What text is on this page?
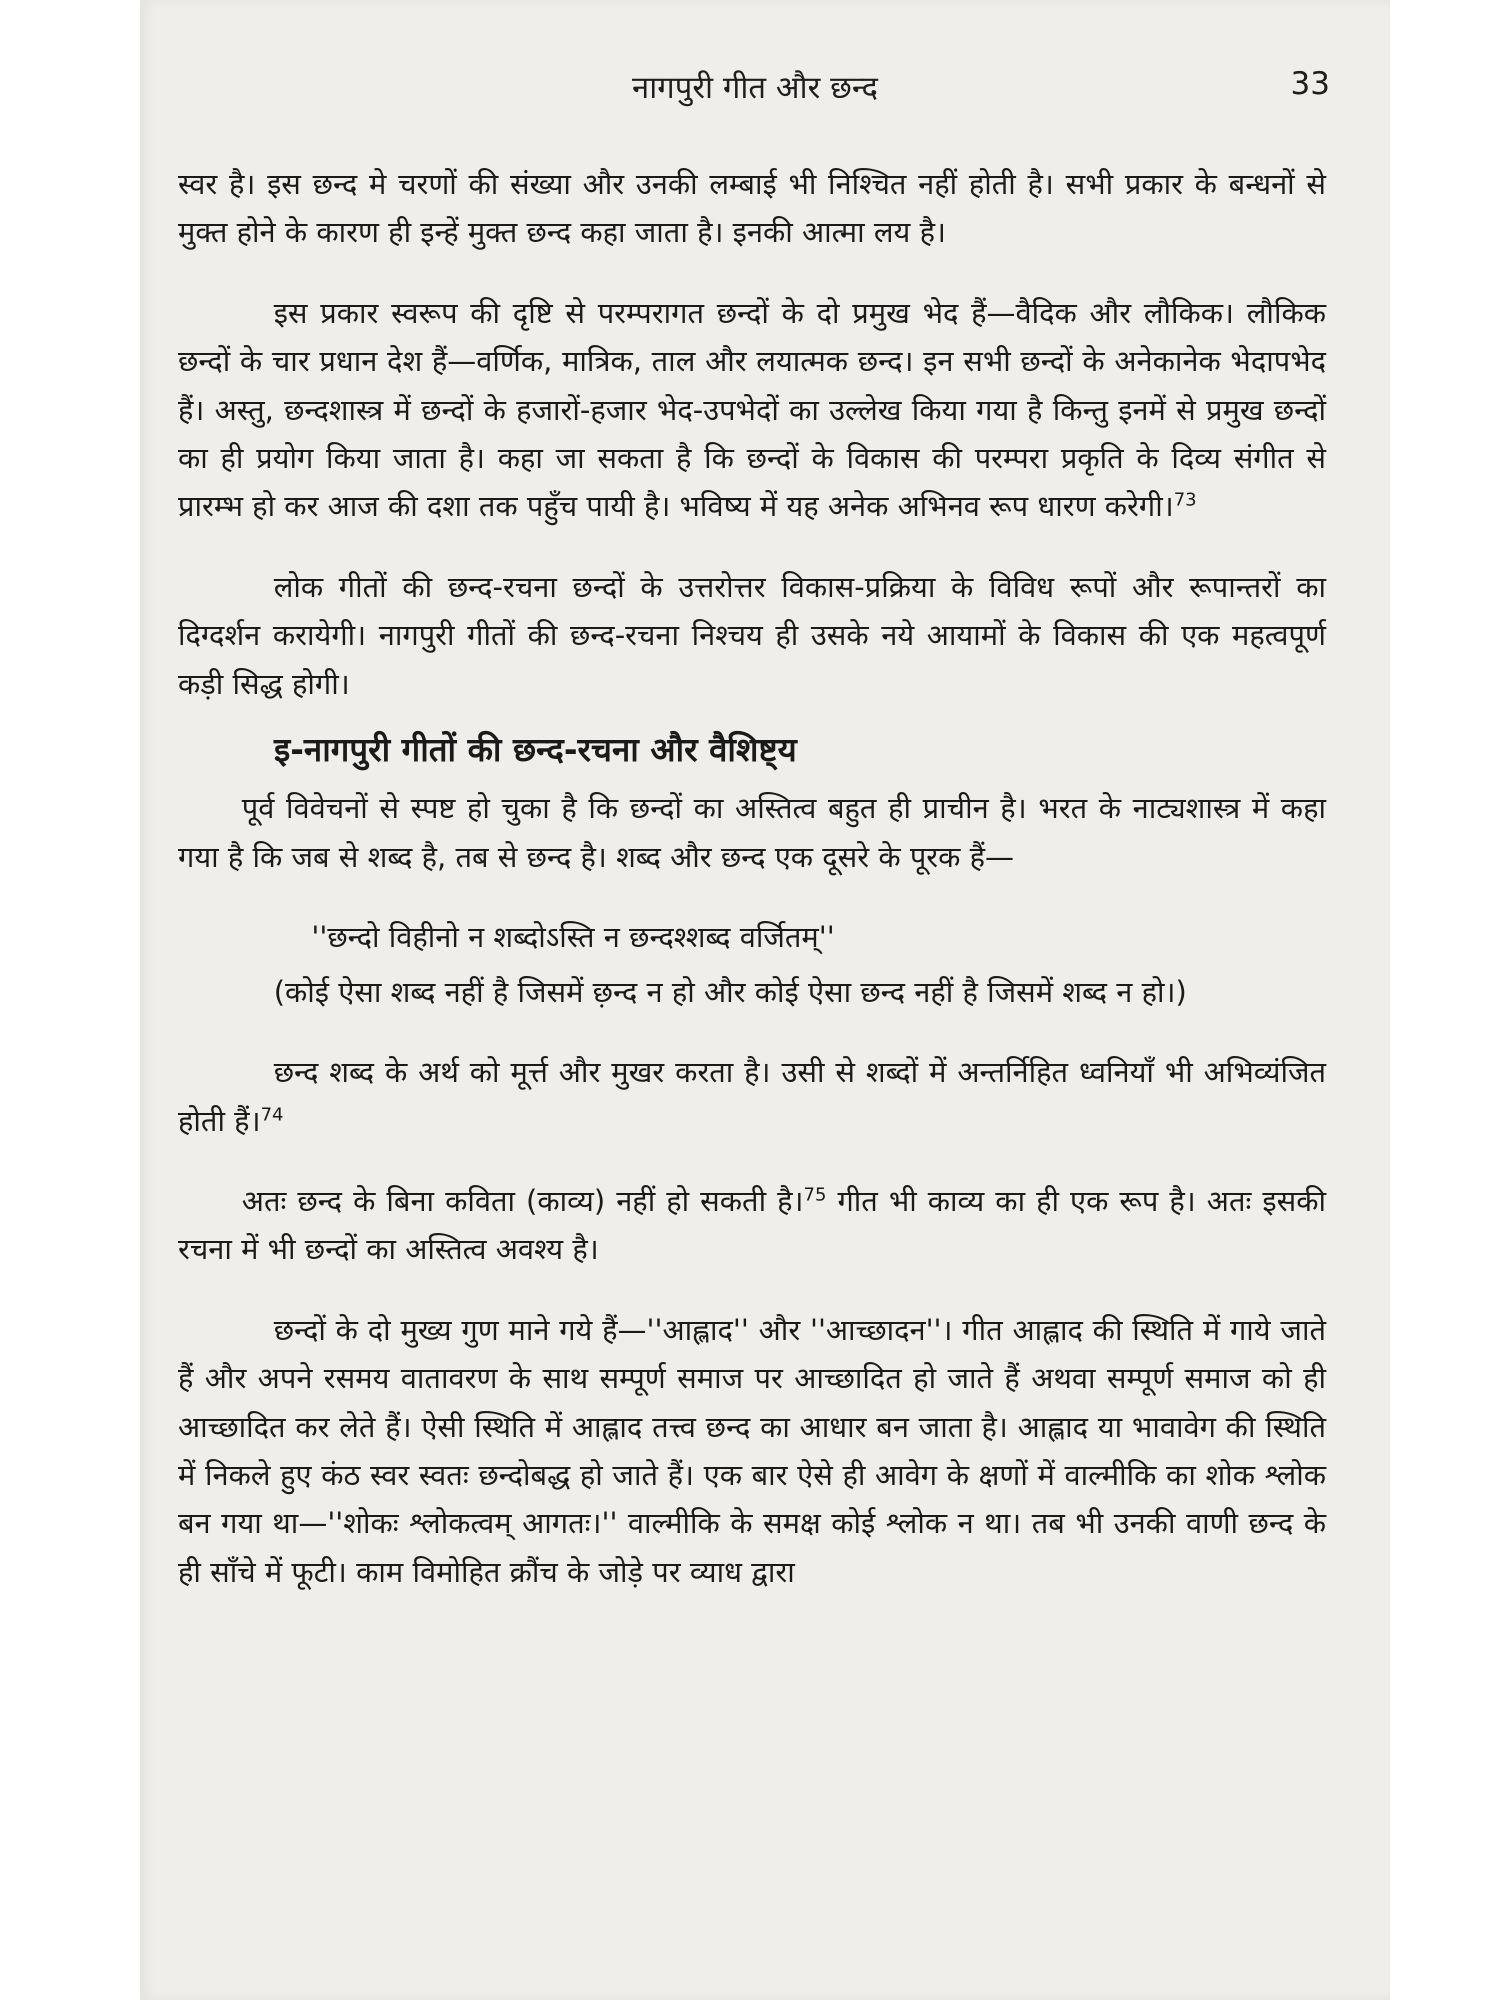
नागपुरी गीत और छन्द	33

स्वर है। इस छन्द मे चरणों की संख्या और उनकी लम्बाई भी निश्चित नहीं होती है। सभी प्रकार के बन्धनों से मुक्त होने के कारण ही इन्हें मुक्त छन्द कहा जाता है। इनकी आत्मा लय है।

इस प्रकार स्वरूप की दृष्टि से परम्परागत छन्दों के दो प्रमुख भेद हैं—वैदिक और लौकिक। लौकिक छन्दों के चार प्रधान देश हैं—वर्णिक, मात्रिक, ताल और लयात्मक छन्द। इन सभी छन्दों के अनेकानेक भेदापभेद हैं। अस्तु, छन्दशास्त्र में छन्दों के हजारों-हजार भेद-उपभेदों का उल्लेख किया गया है किन्तु इनमें से प्रमुख छन्दों का ही प्रयोग किया जाता है। कहा जा सकता है कि छन्दों के विकास की परम्परा प्रकृति के दिव्य संगीत से प्रारम्भ हो कर आज की दशा तक पहुँच पायी है। भविष्य में यह अनेक अभिनव रूप धारण करेगी।$^{73}$

लोक गीतों की छन्द-रचना छन्दों के उत्तरोत्तर विकास-प्रक्रिया के विविध रूपों और रूपान्तरों का दिग्दर्शन करायेगी। नागपुरी गीतों की छन्द-रचना निश्चय ही उसके नये आयामों के विकास की एक महत्वपूर्ण कड़ी सिद्ध होगी।

इ-नागपुरी गीतों की छन्द-रचना और वैशिष्ट्य

पूर्व विवेचनों से स्पष्ट हो चुका है कि छन्दों का अस्तित्व बहुत ही प्राचीन है। भरत के नाट्यशास्त्र में कहा गया है कि जब से शब्द है, तब से छन्द है। शब्द और छन्द एक दूसरे के पूरक हैं—

''छन्दो विहीनो न शब्दोऽस्ति न छन्दश्शब्द वर्जितम्''

(कोई ऐसा शब्द नहीं है जिसमें छ़न्द न हो और कोई ऐसा छन्द नहीं है जिसमें शब्द न हो।)

छन्द शब्द के अर्थ को मूर्त्त और मुखर करता है। उसी से शब्दों में अन्तर्निहित ध्वनियाँ भी अभिव्यंजित होती हैं।$^{74}$

अतः छन्द के बिना कविता (काव्य) नहीं हो सकती है।$^{75}$ गीत भी काव्य का ही एक रूप है। अतः इसकी रचना में भी छन्दों का अस्तित्व अवश्य है।

छन्दों के दो मुख्य गुण माने गये हैं—''आह्लाद'' और ''आच्छादन''। गीत आह्लाद की स्थिति में गाये जाते हैं और अपने रसमय वातावरण के साथ सम्पूर्ण समाज पर आच्छादित हो जाते हैं अथवा सम्पूर्ण समाज को ही आच्छादित कर लेते हैं। ऐसी स्थिति में आह्लाद तत्त्व छन्द का आधार बन जाता है। आह्लाद या भावावेग की स्थिति में निकले हुए कंठ स्वर स्वतः छन्दोबद्ध हो जाते हैं। एक बार ऐसे ही आवेग के क्षणों में वाल्मीकि का शोक श्लोक बन गया था—''शोकः श्लोकत्वम् आगतः।'' वाल्मीकि के समक्ष कोई श्लोक न था। तब भी उनकी वाणी छन्द के ही साँचे में फूटी। काम विमोहित क्रौंच के जोड़े पर व्याध द्वारा
